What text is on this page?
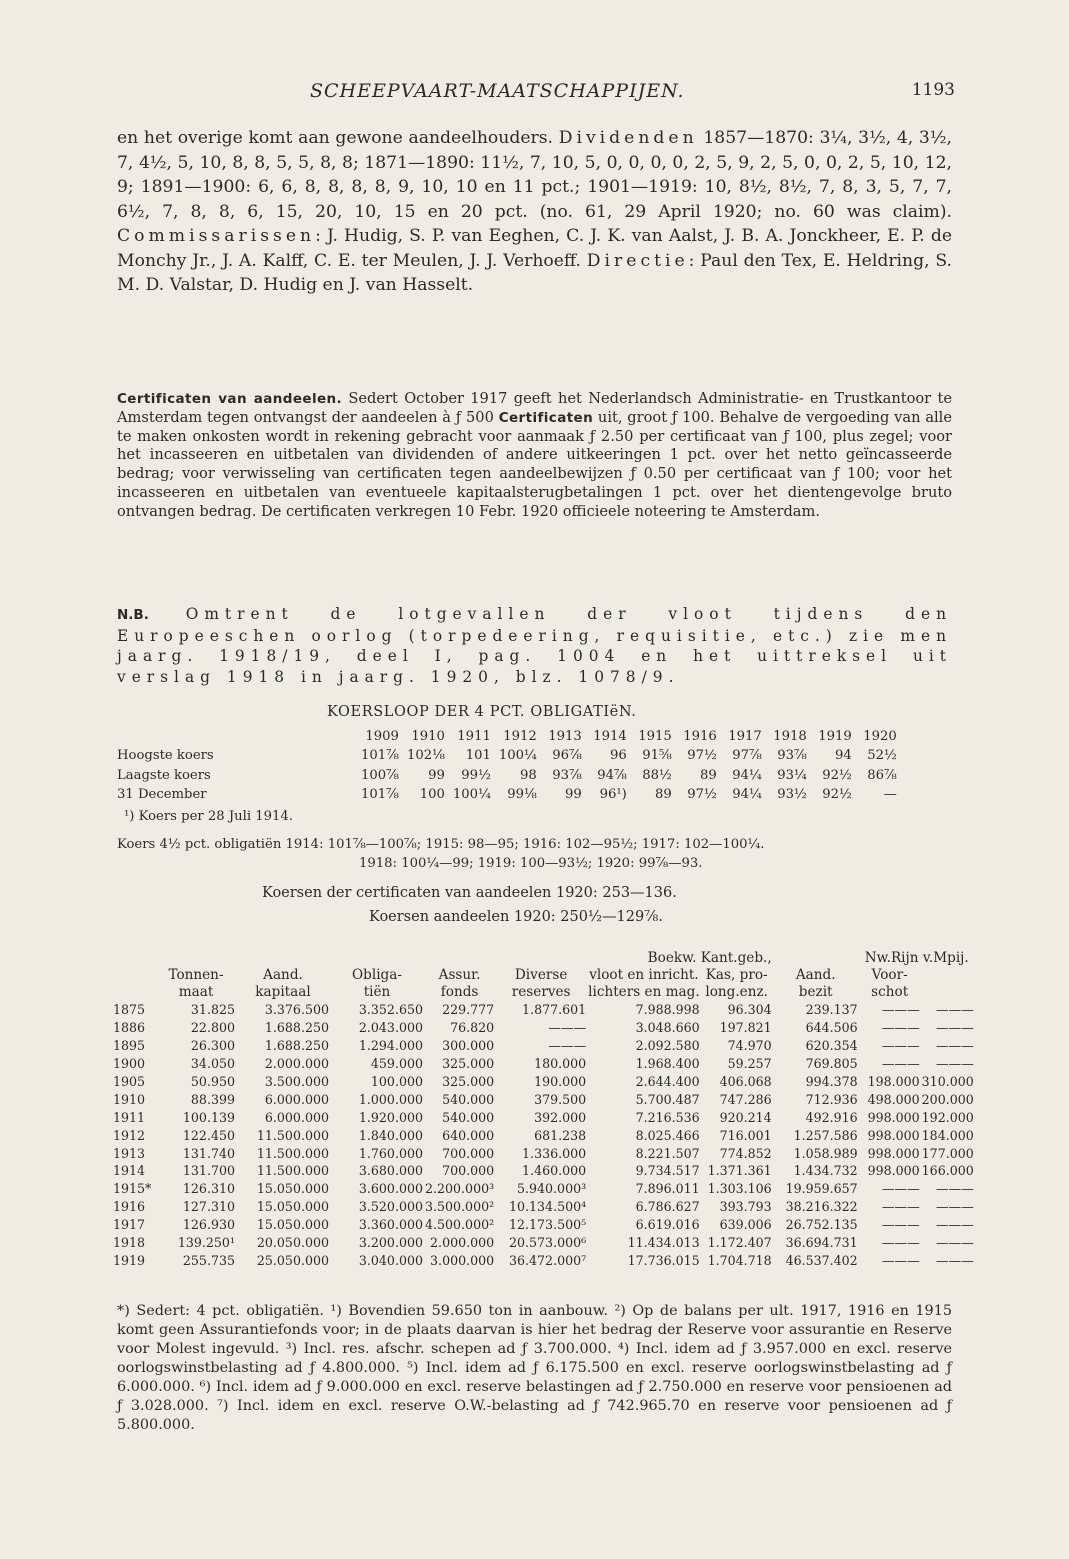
SCHEEPVAART-MAATSCHAPPIJEN.	1193
en het overige komt aan gewone aandeelhouders. Dividenden 1857—1870: 3¼, 3½, 4, 3½, 7, 4½, 5, 10, 8, 8, 5, 5, 8, 8; 1871—1890: 11½, 7, 10, 5, 0, 0, 0, 0, 2, 5, 9, 2, 5, 0, 0, 2, 5, 10, 12, 9; 1891—1900: 6, 6, 8, 8, 8, 8, 9, 10, 10 en 11 pct.; 1901—1919: 10, 8½, 8½, 7, 8, 3, 5, 7, 7, 6½, 7, 8, 8, 6, 15, 20, 10, 15 en 20 pct. (no. 61, 29 April 1920; no. 60 was claim). Commissarissen: J. Hudig, S. P. van Eeghen, C. J. K. van Aalst, J. B. A. Jonckheer, E. P. de Monchy Jr., J. A. Kalff, C. E. ter Meulen, J. J. Verhoeff. Directie: Paul den Tex, E. Heldring, S. M. D. Valstar, D. Hudig en J. van Hasselt.
Certificaten van aandeelen. Sedert October 1917 geeft het Nederlandsch Administratie- en Trustkantoor te Amsterdam tegen ontvangst der aandeelen à ƒ 500 Certificaten uit, groot ƒ 100. Behalve de vergoeding van alle te maken onkosten wordt in rekening gebracht voor aanmaak ƒ 2.50 per certificaat van ƒ 100, plus zegel; voor het incasseeren en uitbetalen van dividenden of andere uitkeeringen 1 pct. over het netto geïncasseerde bedrag; voor verwisseling van certificaten tegen aandeelbewijzen ƒ 0.50 per certificaat van ƒ 100; voor het incasseeren en uitbetalen van eventueele kapitaalsterugbetalingen 1 pct. over het dientengevolge bruto ontvangen bedrag. De certificaten verkregen 10 Febr. 1920 officieele noteering te Amsterdam.
N.B. Omtrent de lotgevallen der vloot tijdens den Europeeschen oorlog (torpedeering, requisitie, etc.) zie men jaarg. 1918/19, deel I, pag. 1004 en het uittreksel uit verslag 1918 in jaarg. 1920, blz. 1078/9.
KOERSLOOP DER 4 PCT. OBLIGATIëN.
	1909	1910	1911	1912	1913	1914	1915	1916	1917	1918	1919	1920
Hoogste koers	101⅞	102⅛	101	100¼	96⅞	96	91⅝	97½	97⅞	93⅞	94	52½
Laagste koers	100⅞	99	99½	98	93⅞	94⅞	88½	89	94¼	93¼	92½	86⅞
31 December	101⅞	100	100¼	99⅛	99	96¹)	89	97½	94¼	93½	92½	—
¹) Koers per 28 Juli 1914.
Koers 4½ pct. obligatiën 1914: 101⅞—100⅞; 1915: 98—95; 1916: 102—95½; 1917: 102—100¼.
1918: 100¼—99; 1919: 100—93½; 1920: 99⅞—93.
Koersen der certificaten van aandeelen 1920: 253—136.
Koersen aandeelen 1920: 250½—129⅞.
						Boekw. Kant.geb.,			Nw.Rijn v.Mpij.	
	Tonnen-	Aand.	Obliga-	Assur.	Diverse	vloot en inricht.	Kas, pro-	Aand.	Voor-	
	maat	kapitaal	tiën	fonds	reserves	lichters en mag.	long.enz.	bezit	schot	
1875	31.825	3.376.500	3.352.650	229.777	1.877.601	7.988.998	96.304	239.137	———	———
1886	22.800	1.688.250	2.043.000	76.820	———	3.048.660	197.821	644.506	———	———
1895	26.300	1.688.250	1.294.000	300.000	———	2.092.580	74.970	620.354	———	———
1900	34.050	2.000.000	459.000	325.000	180.000	1.968.400	59.257	769.805	———	———
1905	50.950	3.500.000	100.000	325.000	190.000	2.644.400	406.068	994.378	198.000	310.000
1910	88.399	6.000.000	1.000.000	540.000	379.500	5.700.487	747.286	712.936	498.000	200.000
1911	100.139	6.000.000	1.920.000	540.000	392.000	7.216.536	920.214	492.916	998.000	192.000
1912	122.450	11.500.000	1.840.000	640.000	681.238	8.025.466	716.001	1.257.586	998.000	184.000
1913	131.740	11.500.000	1.760.000	700.000	1.336.000	8.221.507	774.852	1.058.989	998.000	177.000
1914	131.700	11.500.000	3.680.000	700.000	1.460.000	9.734.517	1.371.361	1.434.732	998.000	166.000
1915*	126.310	15.050.000	3.600.000	2.200.000³	5.940.000³	7.896.011	1.303.106	19.959.657	———	———
1916	127.310	15.050.000	3.520.000	3.500.000²	10.134.500⁴	6.786.627	393.793	38.216.322	———	———
1917	126.930	15.050.000	3.360.000	4.500.000²	12.173.500⁵	6.619.016	639.006	26.752.135	———	———
1918	139.250¹	20.050.000	3.200.000	2.000.000	20.573.000⁶	11.434.013	1.172.407	36.694.731	———	———
1919	255.735	25.050.000	3.040.000	3.000.000	36.472.000⁷	17.736.015	1.704.718	46.537.402	———	———
*) Sedert: 4 pct. obligatiën. ¹) Bovendien 59.650 ton in aanbouw. ²) Op de balans per ult. 1917, 1916 en 1915 komt geen Assurantiefonds voor; in de plaats daarvan is hier het bedrag der Reserve voor assurantie en Reserve voor Molest ingevuld. ³) Incl. res. afschr. schepen ad ƒ 3.700.000. ⁴) Incl. idem ad ƒ 3.957.000 en excl. reserve oorlogswinstbelasting ad ƒ 4.800.000. ⁵) Incl. idem ad ƒ 6.175.500 en excl. reserve oorlogswinstbelasting ad ƒ 6.000.000. ⁶) Incl. idem ad ƒ 9.000.000 en excl. reserve belastingen ad ƒ 2.750.000 en reserve voor pensioenen ad ƒ 3.028.000. ⁷) Incl. idem en excl. reserve O.W.-belasting ad ƒ 742.965.70 en reserve voor pensioenen ad ƒ 5.800.000.
